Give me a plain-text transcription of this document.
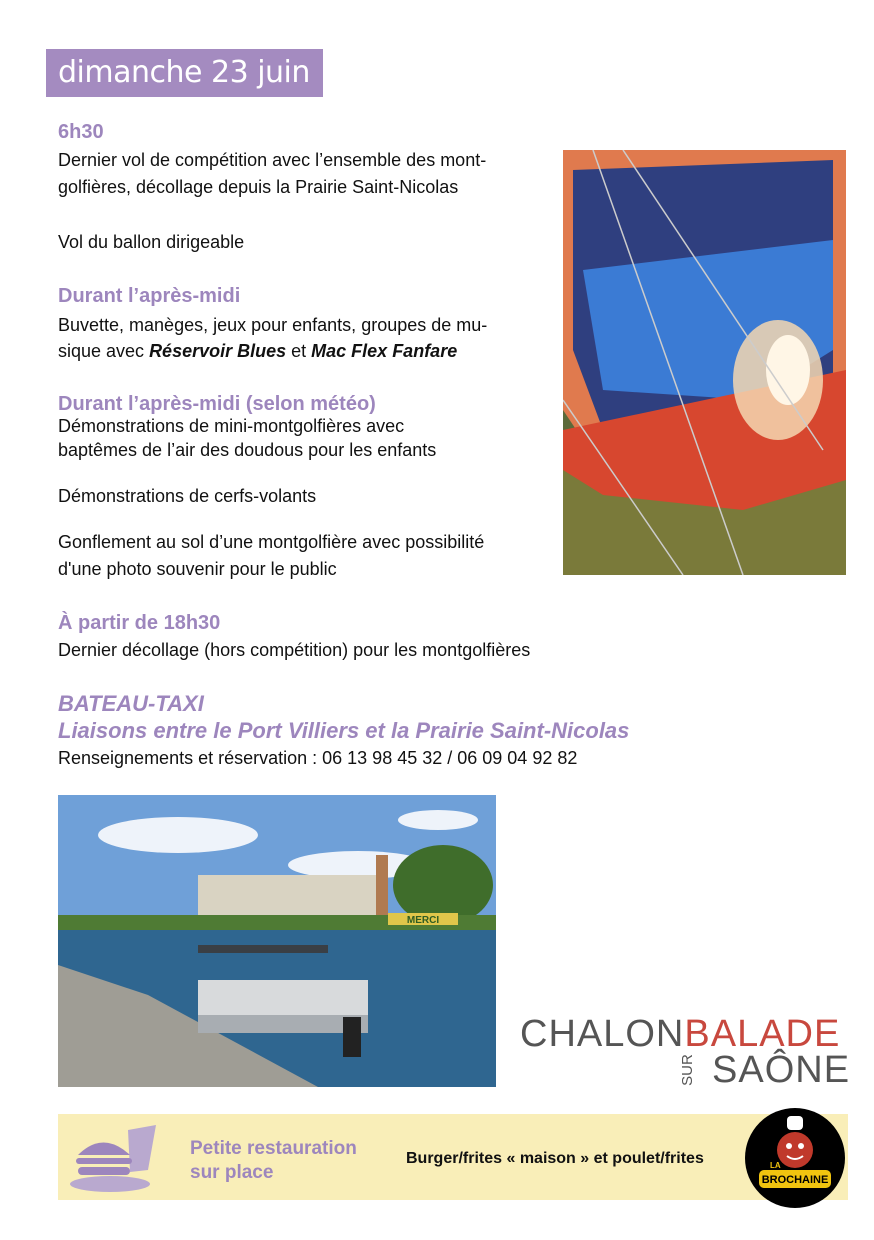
dimanche 23 juin
6h30
Dernier vol de compétition avec l’ensemble des mont-
golfières, décollage depuis la Prairie Saint-Nicolas
Vol du ballon dirigeable
Durant l’après-midi
Buvette, manèges, jeux pour enfants, groupes de mu-
sique avec Réservoir Blues et Mac Flex Fanfare
Durant l’après-midi (selon météo)
Démonstrations de mini-montgolfières avec
baptêmes de l’air des doudous pour les enfants
Démonstrations de cerfs-volants
Gonflement au sol d’une montgolfière avec possibilité
d'une photo souvenir pour le public
À partir de 18h30
Dernier décollage (hors compétition) pour les montgolfières
BATEAU-TAXI
Liaisons entre le Port Villiers et la Prairie Saint-Nicolas
Renseignements et réservation : 06 13 98 45 32 / 06 09 04 92 82
MERCI
CHALONBALADE
SUR SAÔNE
Petite restauration
sur place
Burger/frites « maison » et poulet/frites	LA
BROCHAINE
